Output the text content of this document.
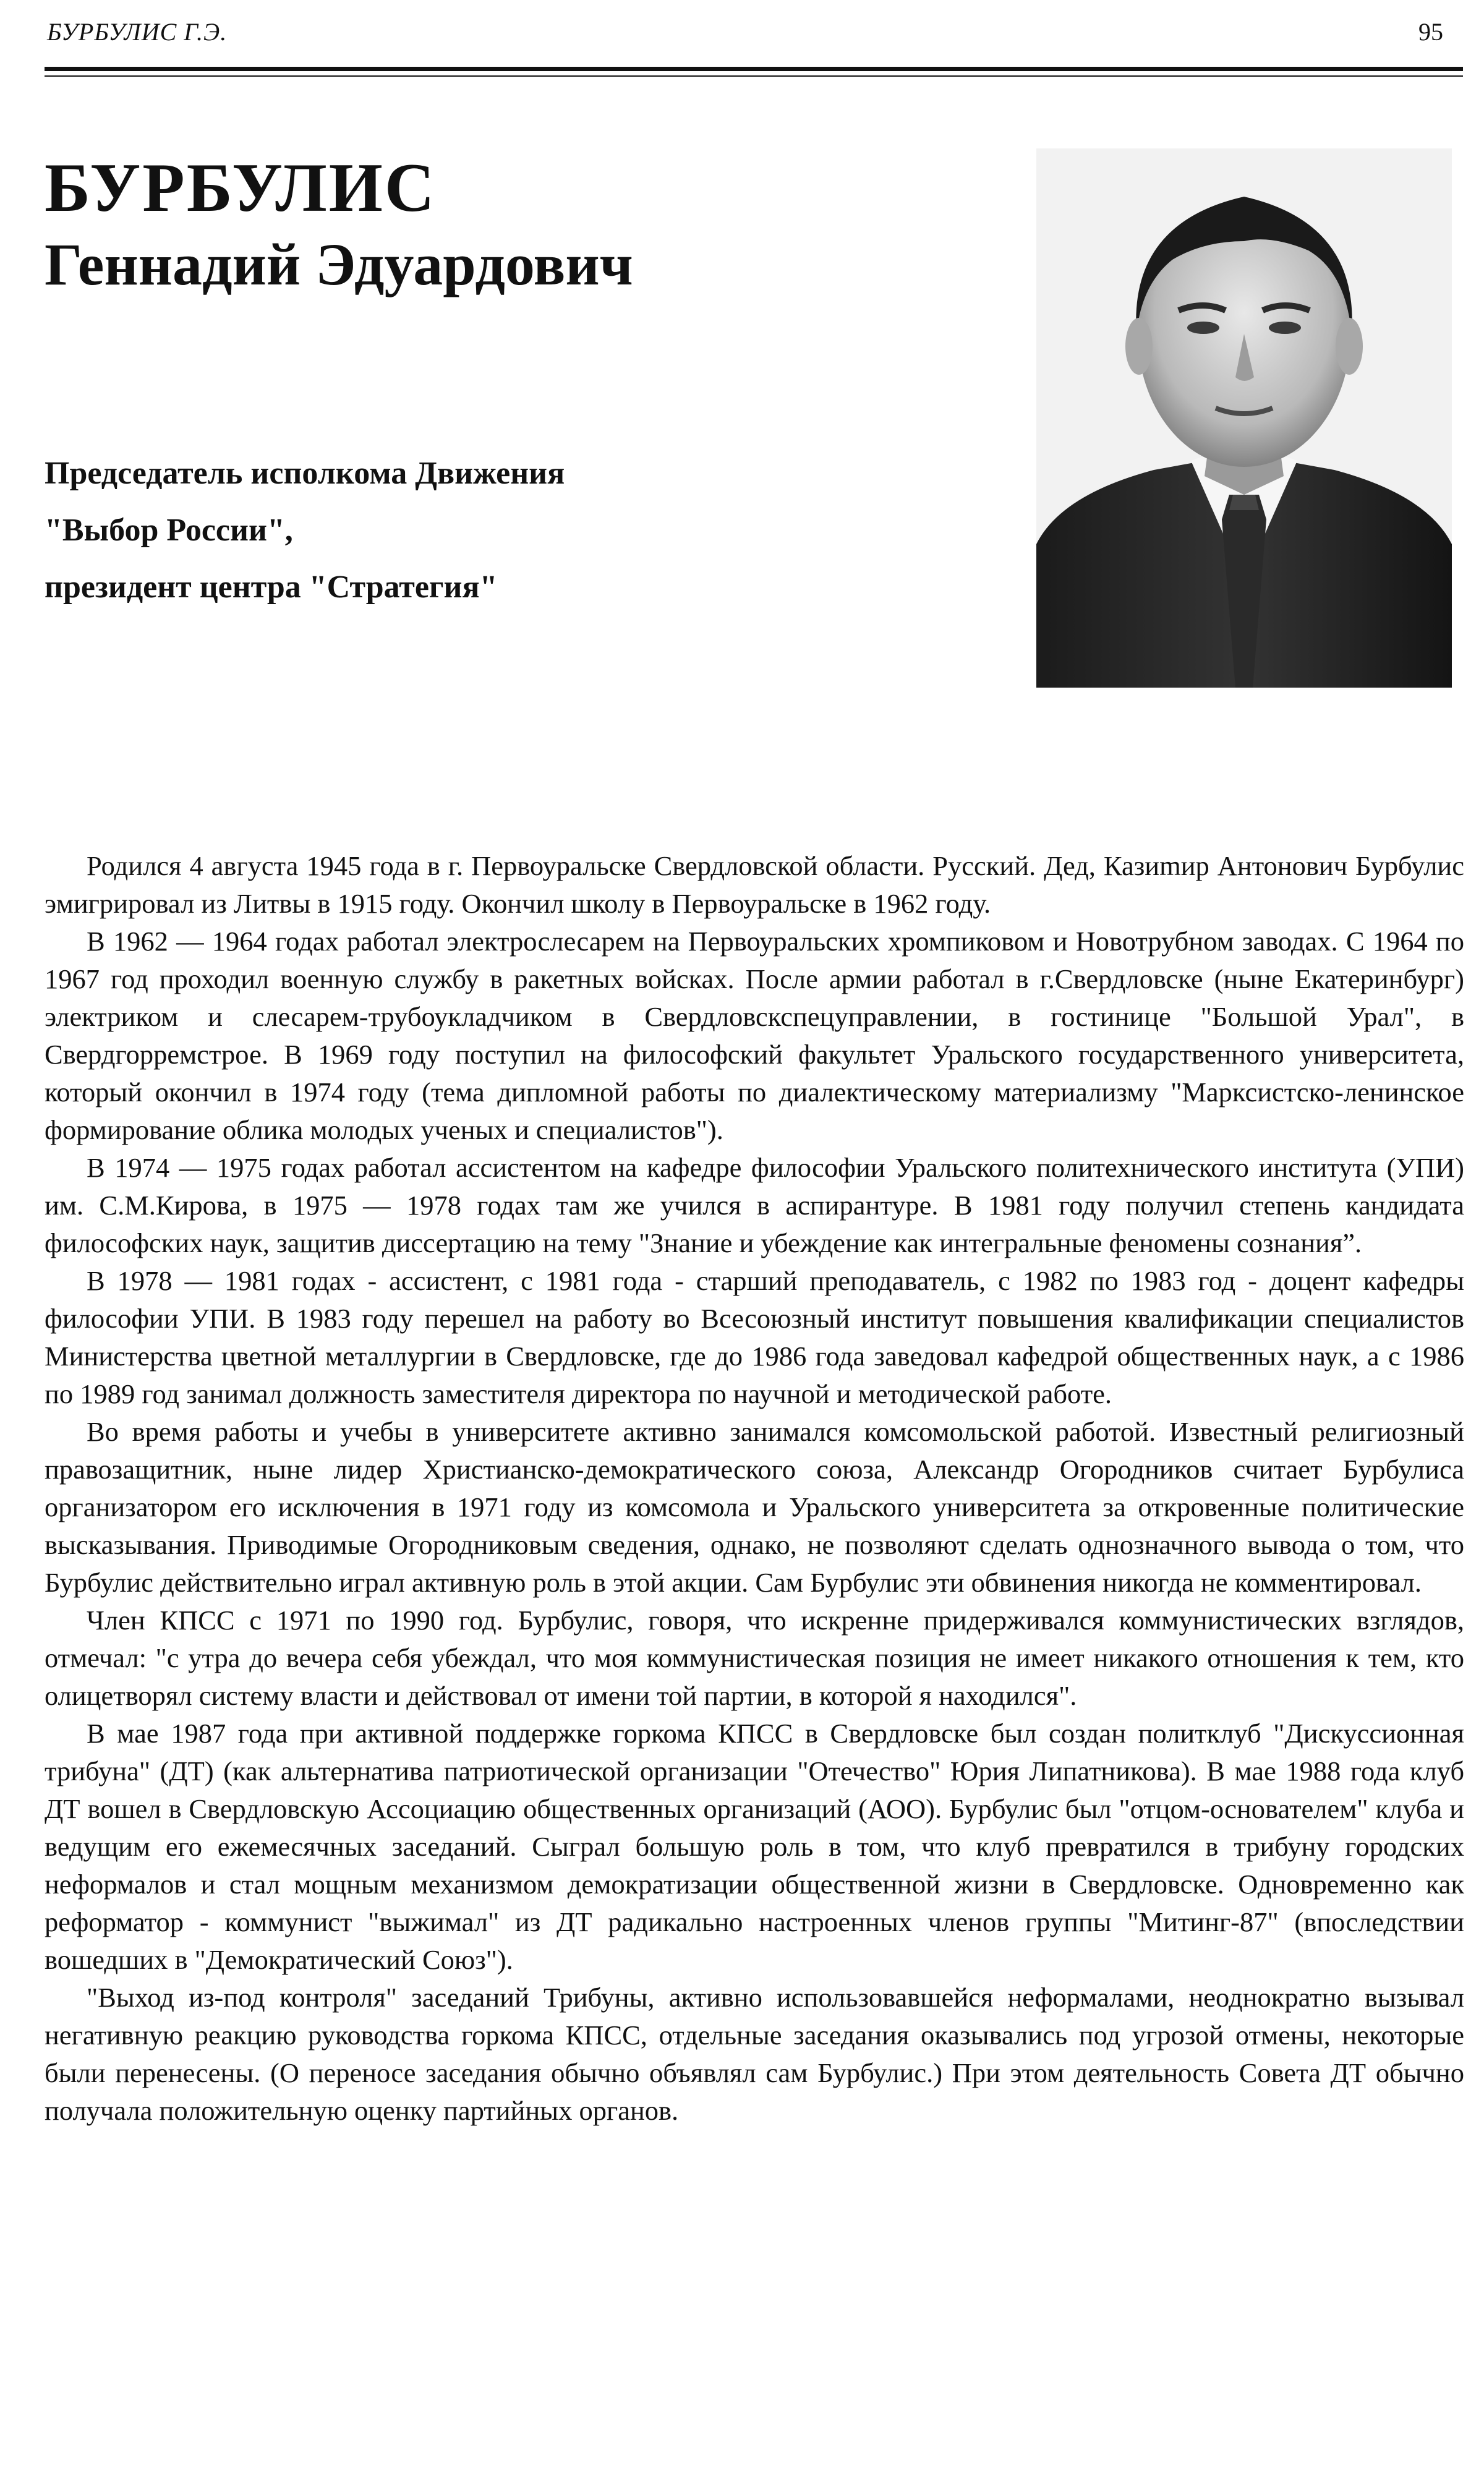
БУРБУЛИС Г.Э.	95
БУРБУЛИС
Геннадий Эдуардович
Председатель исполкома Движения
"Выбор России",
президент центра "Стратегия"

Родился 4 августа 1945 года в г. Первоуральске Свердловской области. Русский. Дед, Казиmир Антонович Бурбулис эмигрировал из Литвы в 1915 году. Окончил школу в Первоуральске в 1962 году.

В 1962 — 1964 годах работал электрослесарем на Первоуральских хромпиковом и Новотрубном заводах. С 1964 по 1967 год проходил военную службу в ракетных войсках. После армии работал в г.Свердловске (ныне Екатеринбург) электриком и слесарем-трубоукладчиком в Свердловскспецуправлении, в гостинице "Большой Урал", в Свердгорремстрое. В 1969 году поступил на философский факультет Уральского государственного университета, который окончил в 1974 году (тема дипломной работы по диалектическому материализму "Марксистско-ленинское формирование облика молодых ученых и специалистов").

В 1974 — 1975 годах работал ассистентом на кафедре философии Уральского политехнического института (УПИ) им. С.М.Кирова, в 1975 — 1978 годах там же учился в аспирантуре. В 1981 году получил степень кандидата философских наук, защитив диссертацию на тему "Знание и убеждение как интегральные феномены сознания”.

В 1978 — 1981 годах - ассистент, с 1981 года - старший преподаватель, с 1982 по 1983 год - доцент кафедры философии УПИ. В 1983 году перешел на работу во Всесоюзный институт повышения квалификации специалистов Министерства цветной металлургии в Свердловске, где до 1986 года заведовал кафедрой общественных наук, а с 1986 по 1989 год занимал должность заместителя директора по научной и методической работе.

Во время работы и учебы в университете активно занимался комсомольской работой. Известный религиозный правозащитник, ныне лидер Христианско-демократического союза, Александр Огородников считает Бурбулиса организатором его исключения в 1971 году из комсомола и Уральского университета за откровенные политические высказывания. Приводимые Огородниковым сведения, однако, не позволяют сделать однозначного вывода о том, что Бурбулис действительно играл активную роль в этой акции. Сам Бурбулис эти обвинения никогда не комментировал.

Член КПСС с 1971 по 1990 год. Бурбулис, говоря, что искренне придерживался коммунистических взглядов, отмечал: "с утра до вечера себя убеждал, что моя коммунистическая позиция не имеет никакого отношения к тем, кто олицетворял систему власти и действовал от имени той партии, в которой я находился".

В мае 1987 года при активной поддержке горкома КПСС в Свердловске был создан политклуб "Дискуссионная трибуна" (ДТ) (как альтернатива патриотической организации "Отечество" Юрия Липатникова). В мае 1988 года клуб ДТ вошел в Свердловскую Ассоциацию общественных организаций (АОО). Бурбулис был "отцом-основателем" клуба и ведущим его ежемесячных заседаний. Сыграл большую роль в том, что клуб превратился в трибуну городских неформалов и стал мощным механизмом демократизации общественной жизни в Свердловске. Одновременно как реформатор - коммунист "выжимал" из ДТ радикально настроенных членов группы "Митинг-87" (впоследствии вошедших в "Демократический Союз").

"Выход из-под контроля" заседаний Трибуны, активно использовавшейся неформалами, неоднократно вызывал негативную реакцию руководства горкома КПСС, отдельные заседания оказывались под угрозой отмены, некоторые были перенесены. (О переносе заседания обычно объявлял сам Бурбулис.) При этом деятельность Совета ДТ обычно получала положительную оценку партийных органов.
